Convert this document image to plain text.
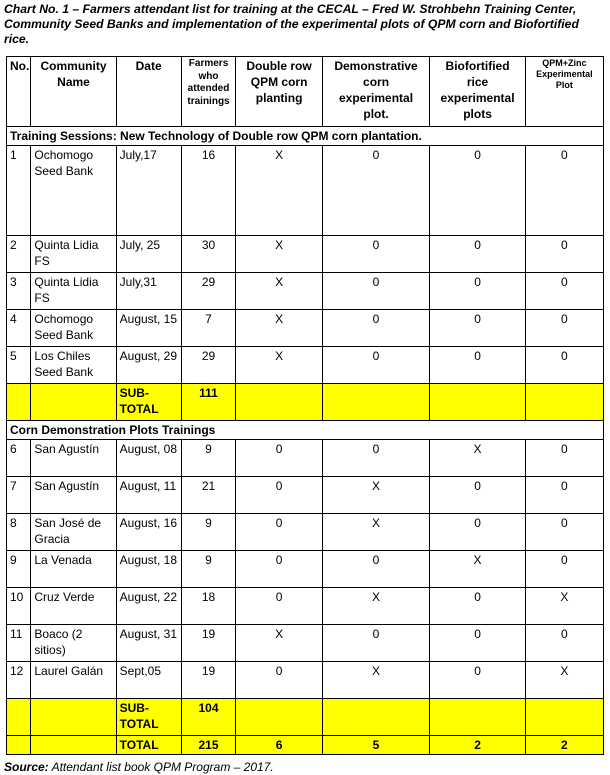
Chart No. 1 – Farmers attendant list for training at the CECAL – Fred W. Strohbehn Training Center, Community Seed Banks and implementation of the experimental plots of QPM corn and Biofortified rice.
No.	Community Name	Date	Farmers who attended trainings	Double row QPM corn planting	Demonstrative corn experimental plot.	Biofortified rice experimental plots	QPM+Zinc Experimental Plot
Training Sessions: New Technology of Double row QPM corn plantation.							
1	Ochomogo Seed Bank	July,17	16	X	0	0	0
2	Quinta Lidia FS	July, 25	30	X	0	0	0
3	Quinta Lidia FS	July,31	29	X	0	0	0
4	Ochomogo Seed Bank	August, 15	7	X	0	0	0
5	Los Chiles Seed Bank	August, 29	29	X	0	0	0
		SUB-TOTAL	111				
Corn Demonstration Plots Trainings							
6	San Agustín	August, 08	9	0	0	X	0
7	San Agustín	August, 11	21	0	X	0	0
8	San José de Gracia	August, 16	9	0	X	0	0
9	La Venada	August, 18	9	0	0	X	0
10	Cruz Verde	August, 22	18	0	X	0	X
11	Boaco (2 sitios)	August, 31	19	X	0	0	0
12	Laurel Galán	Sept,05	19	0	X	0	X
		SUB-TOTAL	104				
		TOTAL	215	6	5	2	2
Source: Attendant list book QPM Program – 2017.
